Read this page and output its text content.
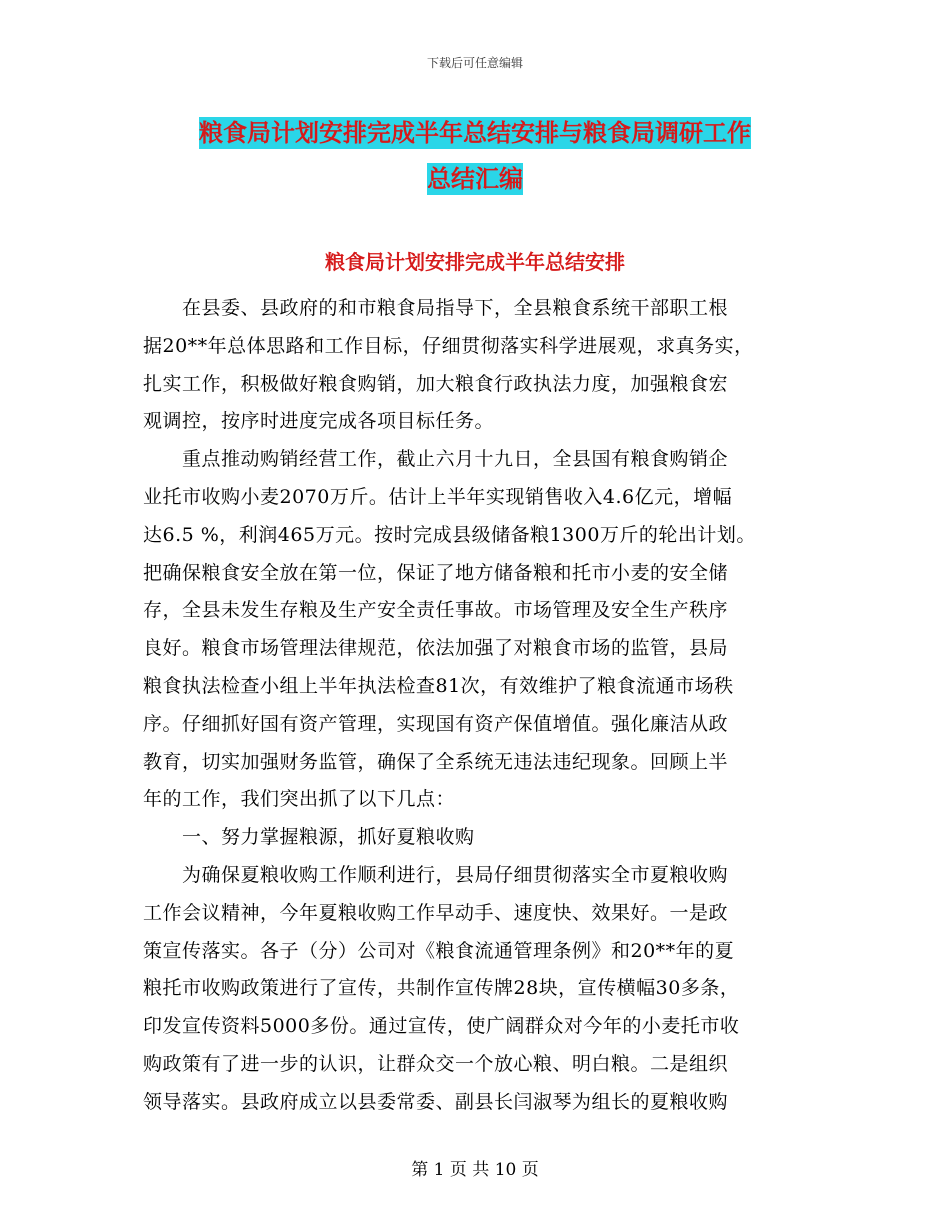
下载后可任意编辑
粮食局计划安排完成半年总结安排与粮食局调研工作
总结汇编
粮食局计划安排完成半年总结安排

　　在县委、县政府的和市粮食局指导下，全县粮食系统干部职工根

据20**年总体思路和工作目标，仔细贯彻落实科学进展观，求真务实，

扎实工作，积极做好粮食购销，加大粮食行政执法力度，加强粮食宏

观调控，按序时进度完成各项目标任务。

　　重点推动购销经营工作，截止六月十九日，全县国有粮食购销企

业托市收购小麦2070万斤。估计上半年实现销售收入4.6亿元，增幅

达6.5 %，利润465万元。按时完成县级储备粮1300万斤的轮出计划。

把确保粮食安全放在第一位，保证了地方储备粮和托市小麦的安全储

存，全县未发生存粮及生产安全责任事故。市场管理及安全生产秩序

良好。粮食市场管理法律规范，依法加强了对粮食市场的监管，县局

粮食执法检查小组上半年执法检查81次，有效维护了粮食流通市场秩

序。仔细抓好国有资产管理，实现国有资产保值增值。强化廉洁从政

教育，切实加强财务监管，确保了全系统无违法违纪现象。回顾上半

年的工作，我们突出抓了以下几点：

　　一、努力掌握粮源，抓好夏粮收购

　　为确保夏粮收购工作顺利进行，县局仔细贯彻落实全市夏粮收购

工作会议精神，今年夏粮收购工作早动手、速度快、效果好。一是政

策宣传落实。各子（分）公司对《粮食流通管理条例》和20**年的夏

粮托市收购政策进行了宣传，共制作宣传牌28块，宣传横幅30多条，

印发宣传资料5000多份。通过宣传，使广阔群众对今年的小麦托市收

购政策有了进一步的认识，让群众交一个放心粮、明白粮。二是组织

领导落实。县政府成立以县委常委、副县长闫淑琴为组长的夏粮收购

第 1 页 共 10 页
